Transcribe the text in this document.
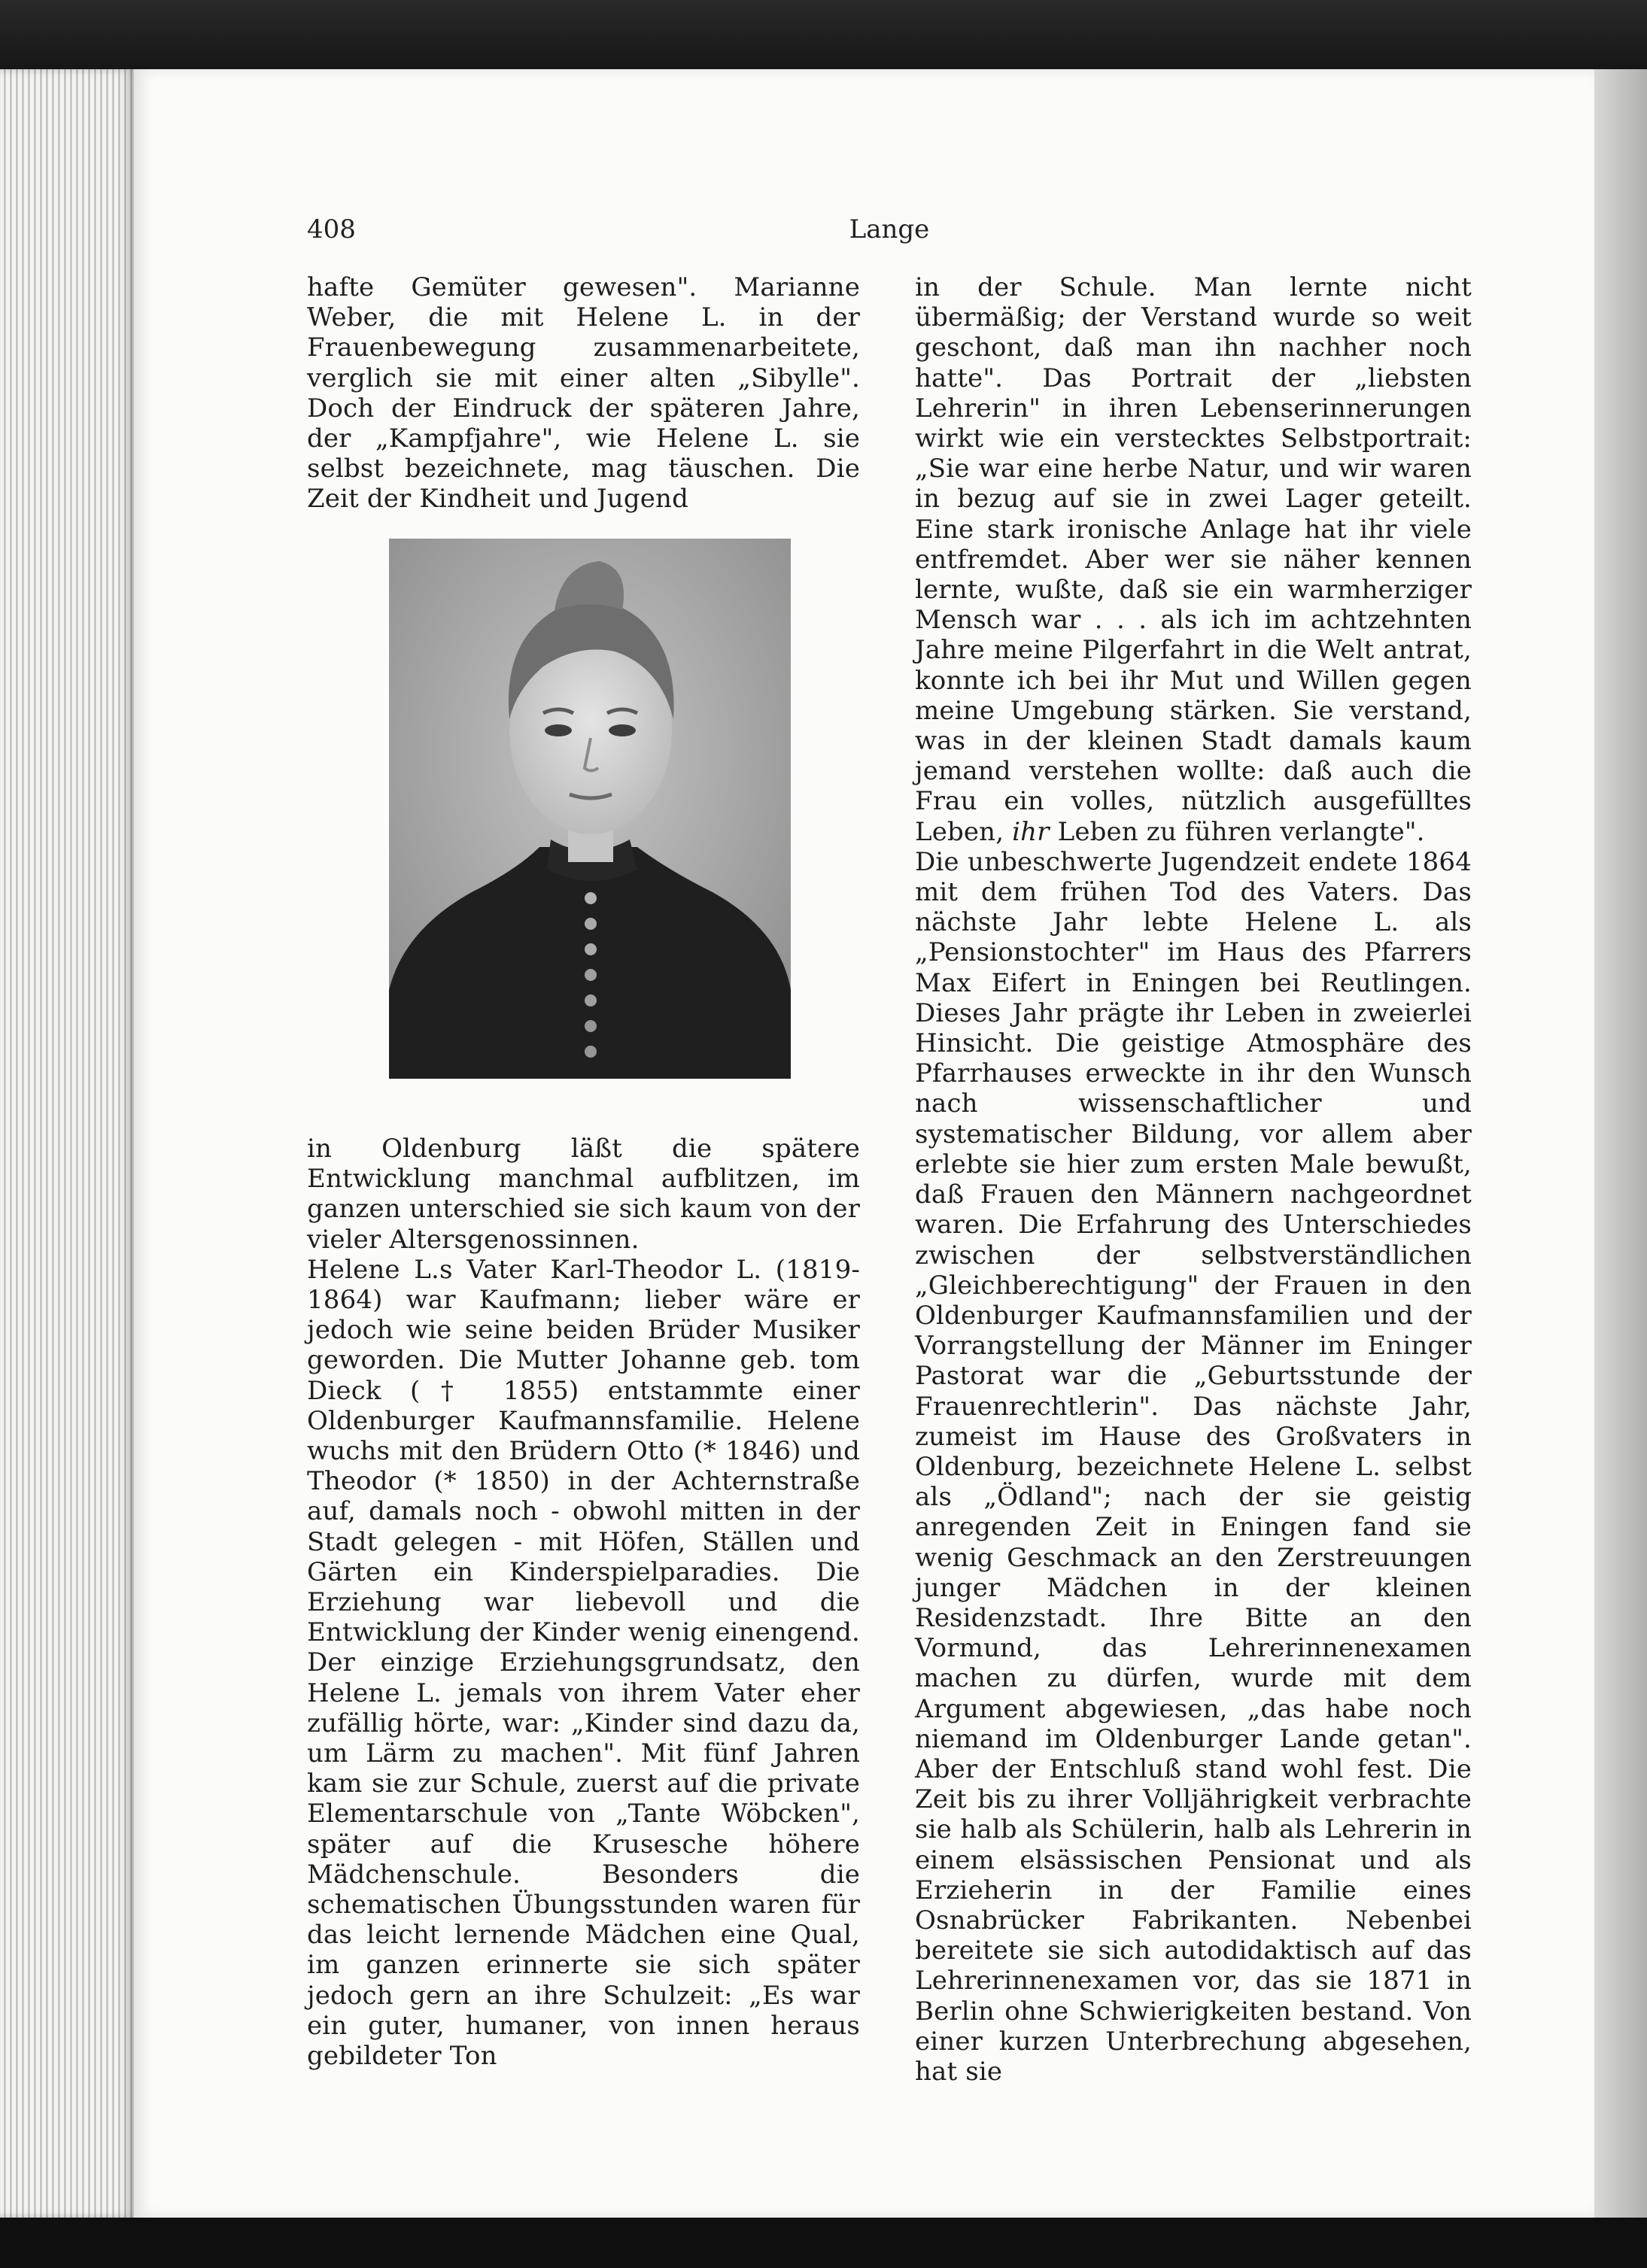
408	Lange

hafte Gemüter gewesen". Marianne Weber, die mit Helene L. in der Frauenbewegung zusammenarbeitete, verglich sie mit einer alten „Sibylle". Doch der Eindruck der späteren Jahre, der „Kampfjahre", wie Helene L. sie selbst bezeichnete, mag täuschen. Die Zeit der Kindheit und Jugend

in Oldenburg läßt die spätere Entwicklung manchmal aufblitzen, im ganzen unterschied sie sich kaum von der vieler Altersgenossinnen.

Helene L.s Vater Karl-Theodor L. (1819-1864) war Kaufmann; lieber wäre er jedoch wie seine beiden Brüder Musiker geworden. Die Mutter Johanne geb. tom Dieck († 1855) entstammte einer Oldenburger Kaufmannsfamilie. Helene wuchs mit den Brüdern Otto (* 1846) und Theodor (* 1850) in der Achternstraße auf, damals noch - obwohl mitten in der Stadt gelegen - mit Höfen, Ställen und Gärten ein Kinderspielparadies. Die Erziehung war liebevoll und die Entwicklung der Kinder wenig einengend. Der einzige Erziehungsgrundsatz, den Helene L. jemals von ihrem Vater eher zufällig hörte, war: „Kinder sind dazu da, um Lärm zu machen". Mit fünf Jahren kam sie zur Schule, zuerst auf die private Elementarschule von „Tante Wöbcken", später auf die Krusesche höhere Mädchenschule. Besonders die schematischen Übungsstunden waren für das leicht lernende Mädchen eine Qual, im ganzen erinnerte sie sich später jedoch gern an ihre Schulzeit: „Es war ein guter, humaner, von innen heraus gebildeter Ton

in der Schule. Man lernte nicht übermäßig; der Verstand wurde so weit geschont, daß man ihn nachher noch hatte". Das Portrait der „liebsten Lehrerin" in ihren Lebenserinnerungen wirkt wie ein verstecktes Selbstportrait: „Sie war eine herbe Natur, und wir waren in bezug auf sie in zwei Lager geteilt. Eine stark ironische Anlage hat ihr viele entfremdet. Aber wer sie näher kennen lernte, wußte, daß sie ein warmherziger Mensch war . . . als ich im achtzehnten Jahre meine Pilgerfahrt in die Welt antrat, konnte ich bei ihr Mut und Willen gegen meine Umgebung stärken. Sie verstand, was in der kleinen Stadt damals kaum jemand verstehen wollte: daß auch die Frau ein volles, nützlich ausgefülltes Leben, ihr Leben zu führen verlangte".

Die unbeschwerte Jugendzeit endete 1864 mit dem frühen Tod des Vaters. Das nächste Jahr lebte Helene L. als „Pensionstochter" im Haus des Pfarrers Max Eifert in Eningen bei Reutlingen. Dieses Jahr prägte ihr Leben in zweierlei Hinsicht. Die geistige Atmosphäre des Pfarrhauses erweckte in ihr den Wunsch nach wissenschaftlicher und systematischer Bildung, vor allem aber erlebte sie hier zum ersten Male bewußt, daß Frauen den Männern nachgeordnet waren. Die Erfahrung des Unterschiedes zwischen der selbstverständlichen „Gleichberechtigung" der Frauen in den Oldenburger Kaufmannsfamilien und der Vorrangstellung der Männer im Eninger Pastorat war die „Geburtsstunde der Frauenrechtlerin". Das nächste Jahr, zumeist im Hause des Großvaters in Oldenburg, bezeichnete Helene L. selbst als „Ödland"; nach der sie geistig anregenden Zeit in Eningen fand sie wenig Geschmack an den Zerstreuungen junger Mädchen in der kleinen Residenzstadt. Ihre Bitte an den Vormund, das Lehrerinnenexamen machen zu dürfen, wurde mit dem Argument abgewiesen, „das habe noch niemand im Oldenburger Lande getan". Aber der Entschluß stand wohl fest. Die Zeit bis zu ihrer Volljährigkeit verbrachte sie halb als Schülerin, halb als Lehrerin in einem elsässischen Pensionat und als Erzieherin in der Familie eines Osnabrücker Fabrikanten. Nebenbei bereitete sie sich autodidaktisch auf das Lehrerinnenexamen vor, das sie 1871 in Berlin ohne Schwierigkeiten bestand. Von einer kurzen Unterbrechung abgesehen, hat sie
